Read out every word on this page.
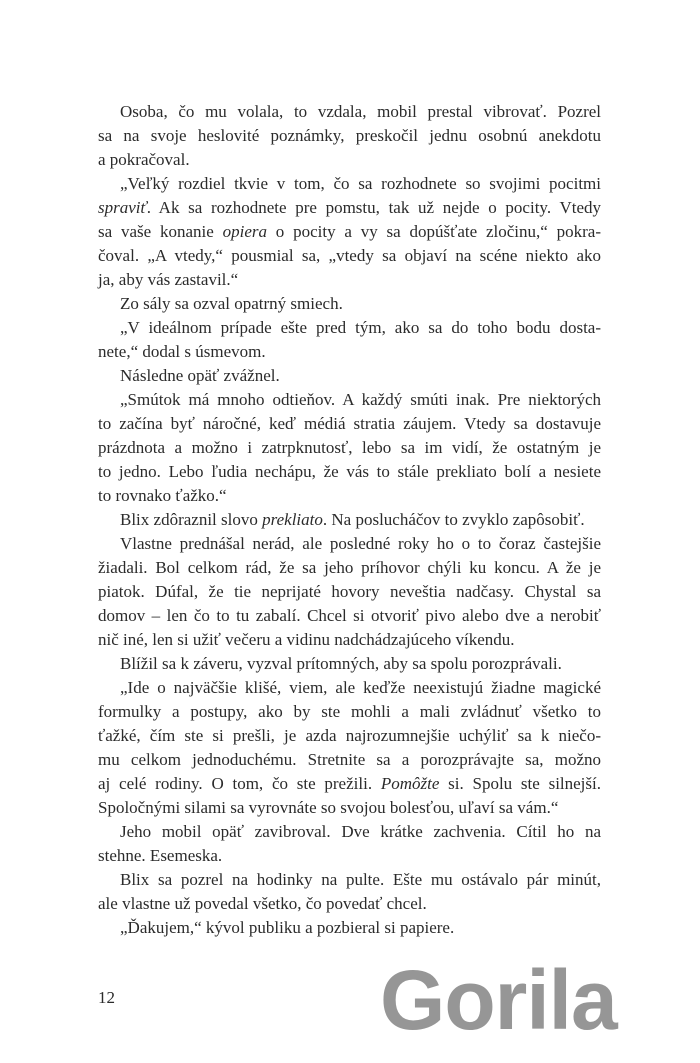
Osoba, čo mu volala, to vzdala, mobil prestal vibrovať. Pozrel
sa na svoje heslovité poznámky, preskočil jednu osobnú anekdotu
a pokračoval.
„Veľký rozdiel tkvie v tom, čo sa rozhodnete so svojimi pocitmi
spraviť. Ak sa rozhodnete pre pomstu, tak už nejde o pocity. Vtedy
sa vaše konanie opiera o pocity a vy sa dopúšťate zločinu,“ pokra-
čoval. „A vtedy,“ pousmial sa, „vtedy sa objaví na scéne niekto ako
ja, aby vás zastavil.“
Zo sály sa ozval opatrný smiech.
„V ideálnom prípade ešte pred tým, ako sa do toho bodu dosta-
nete,“ dodal s úsmevom.
Následne opäť zvážnel.
„Smútok má mnoho odtieňov. A každý smúti inak. Pre niektorých
to začína byť náročné, keď médiá stratia záujem. Vtedy sa dostavuje
prázdnota a možno i zatrpknutosť, lebo sa im vidí, že ostatným je
to jedno. Lebo ľudia nechápu, že vás to stále prekliato bolí a nesiete
to rovnako ťažko.“
Blix zdôraznil slovo prekliato. Na poslucháčov to zvyklo zapôsobiť.
Vlastne prednášal nerád, ale posledné roky ho o to čoraz častejšie
žiadali. Bol celkom rád, že sa jeho príhovor chýli ku koncu. A že je
piatok. Dúfal, že tie neprijaté hovory neveštia nadčasy. Chystal sa
domov – len čo to tu zabalí. Chcel si otvoriť pivo alebo dve a nerobiť
nič iné, len si užiť večeru a vidinu nadchádzajúceho víkendu.
Blížil sa k záveru, vyzval prítomných, aby sa spolu porozprávali.
„Ide o najväčšie klišé, viem, ale keďže neexistujú žiadne magické
formulky a postupy, ako by ste mohli a mali zvládnuť všetko to
ťažké, čím ste si prešli, je azda najrozumnejšie uchýliť sa k niečo-
mu celkom jednoduchému. Stretnite sa a porozprávajte sa, možno
aj celé rodiny. O tom, čo ste prežili. Pomôžte si. Spolu ste silnejší.
Spoločnými silami sa vyrovnáte so svojou bolesťou, uľaví sa vám.“
Jeho mobil opäť zavibroval. Dve krátke zachvenia. Cítil ho na
stehne. Esemeska.
Blix sa pozrel na hodinky na pulte. Ešte mu ostávalo pár minút,
ale vlastne už povedal všetko, čo povedať chcel.
„Ďakujem,“ kývol publiku a pozbieral si papiere.
Gorila
12
